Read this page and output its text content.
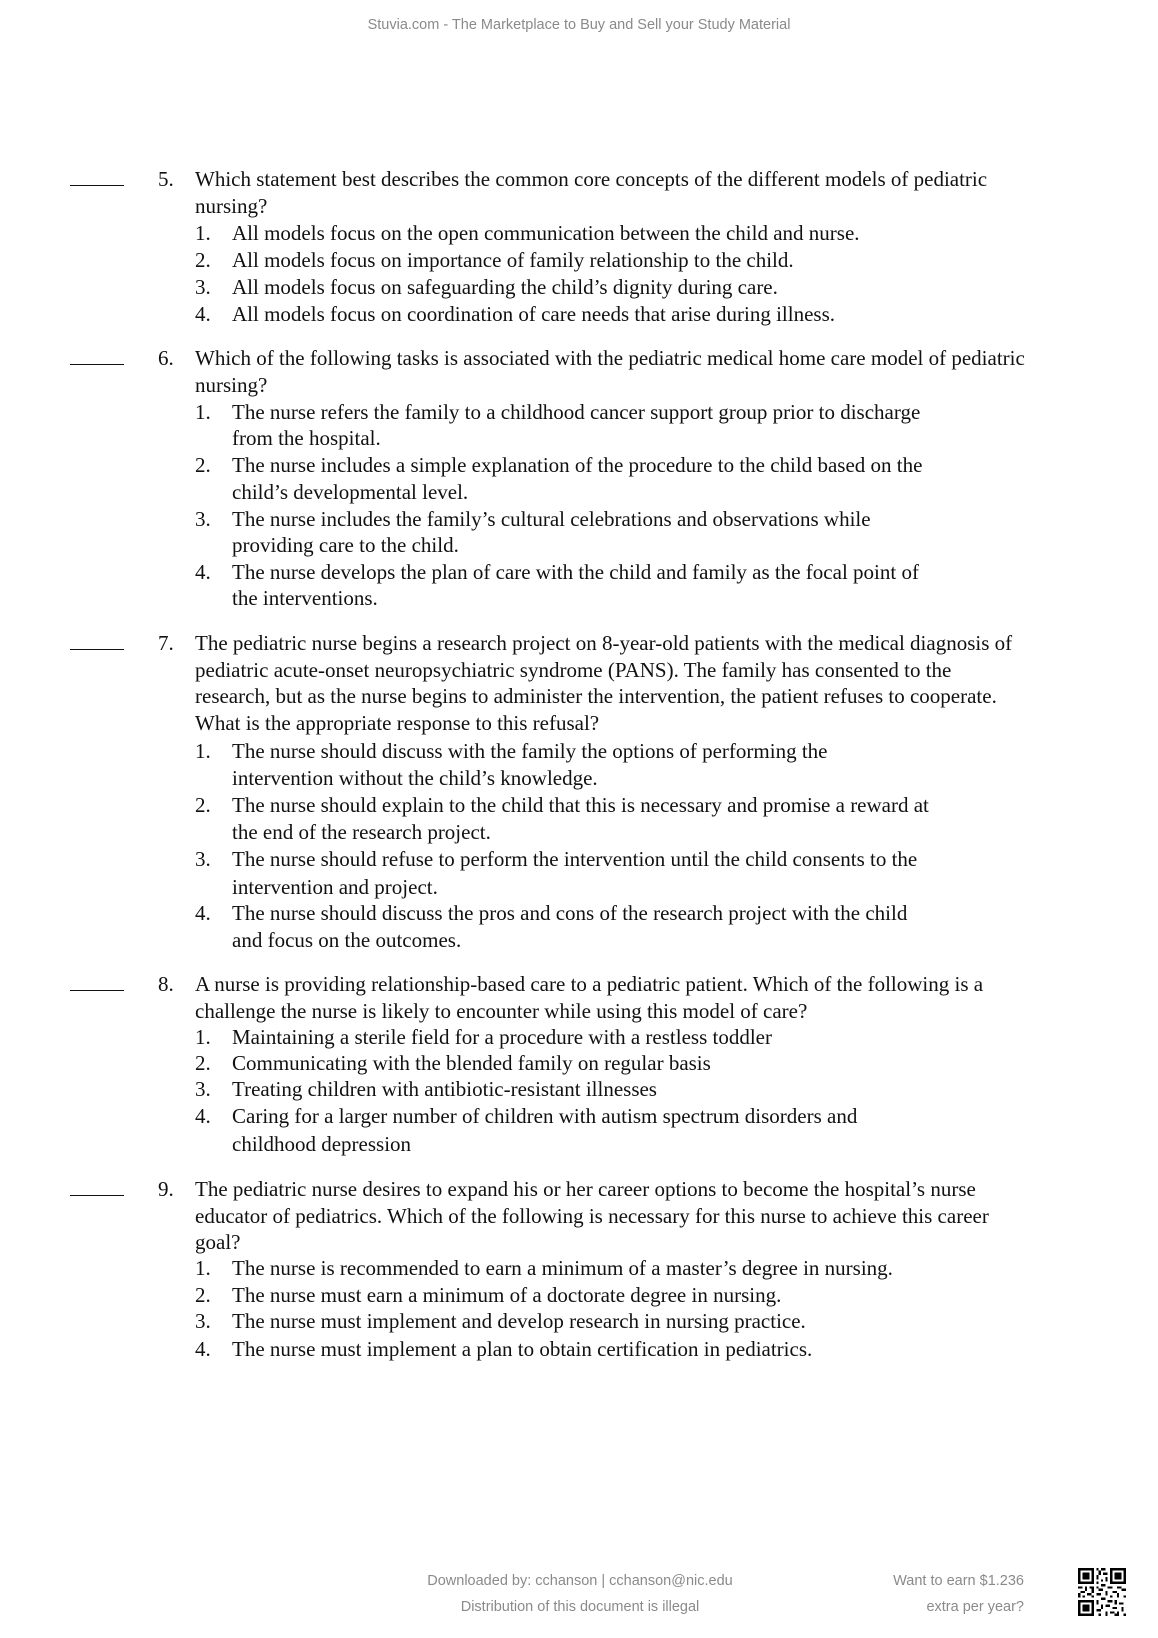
Stuvia.com - The Marketplace to Buy and Sell your Study Material
5. Which statement best describes the common core concepts of the different models of pediatric
nursing?
1. All models focus on the open communication between the child and nurse.
2. All models focus on importance of family relationship to the child.
3. All models focus on safeguarding the child’s dignity during care.
4. All models focus on coordination of care needs that arise during illness.
6. Which of the following tasks is associated with the pediatric medical home care model of pediatric
nursing?
1. The nurse refers the family to a childhood cancer support group prior to discharge
from the hospital.
2. The nurse includes a simple explanation of the procedure to the child based on the
child’s developmental level.
3. The nurse includes the family’s cultural celebrations and observations while
providing care to the child.
4. The nurse develops the plan of care with the child and family as the focal point of
the interventions.
7. The pediatric nurse begins a research project on 8-year-old patients with the medical diagnosis of
pediatric acute-onset neuropsychiatric syndrome (PANS). The family has consented to the
research, but as the nurse begins to administer the intervention, the patient refuses to cooperate.
What is the appropriate response to this refusal?
1. The nurse should discuss with the family the options of performing the
intervention without the child’s knowledge.
2. The nurse should explain to the child that this is necessary and promise a reward at
the end of the research project.
3. The nurse should refuse to perform the intervention until the child consents to the
intervention and project.
4. The nurse should discuss the pros and cons of the research project with the child
and focus on the outcomes.
8. A nurse is providing relationship-based care to a pediatric patient. Which of the following is a
challenge the nurse is likely to encounter while using this model of care?
1. Maintaining a sterile field for a procedure with a restless toddler
2. Communicating with the blended family on regular basis
3. Treating children with antibiotic-resistant illnesses
4. Caring for a larger number of children with autism spectrum disorders and
childhood depression
9. The pediatric nurse desires to expand his or her career options to become the hospital’s nurse
educator of pediatrics. Which of the following is necessary for this nurse to achieve this career
goal?
1. The nurse is recommended to earn a minimum of a master’s degree in nursing.
2. The nurse must earn a minimum of a doctorate degree in nursing.
3. The nurse must implement and develop research in nursing practice.
4. The nurse must implement a plan to obtain certification in pediatrics.
Downloaded by: cchanson | cchanson@nic.edu
Distribution of this document is illegal
Want to earn $1.236
extra per year?
